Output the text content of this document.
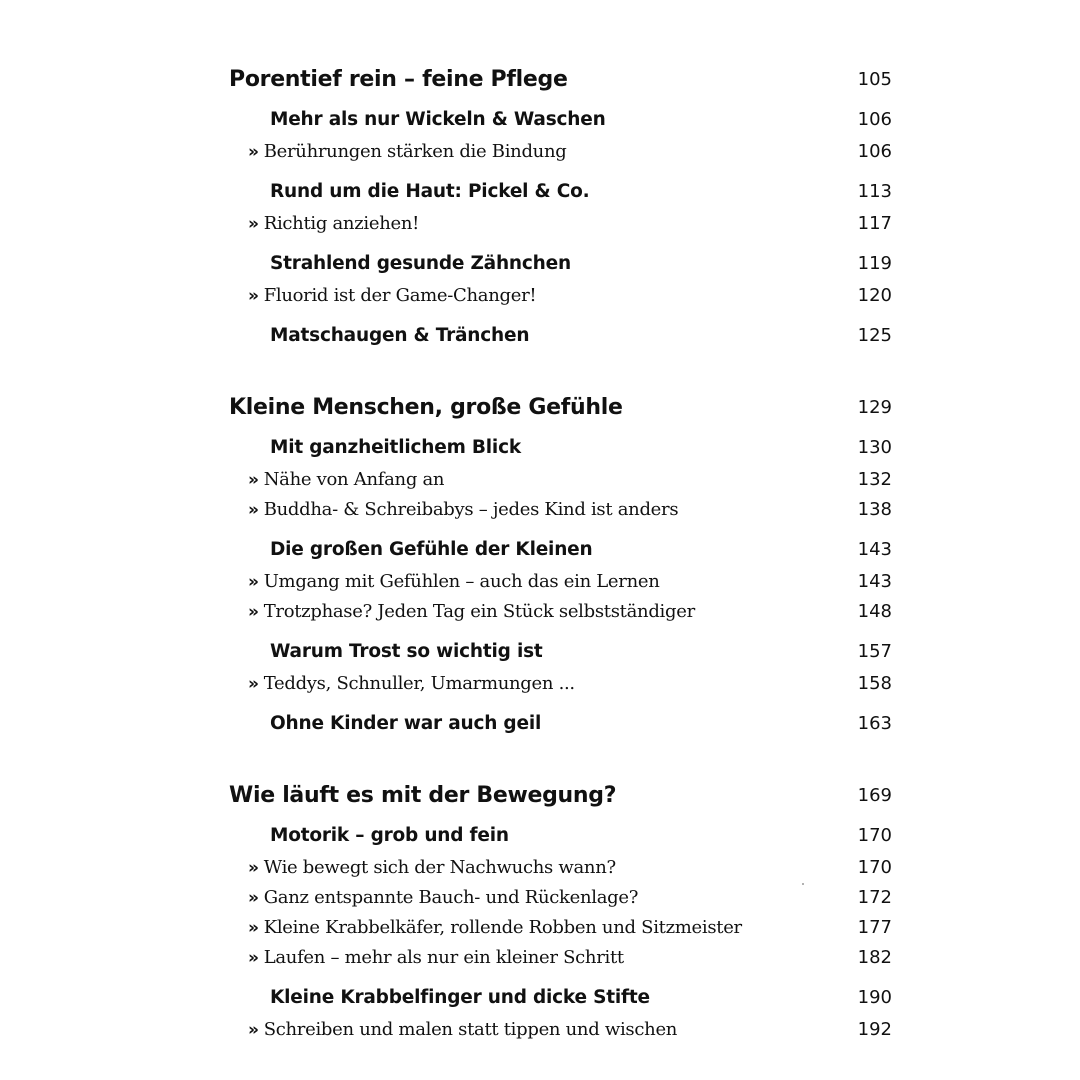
Porentief rein – feine Pflege	105
Mehr als nur Wickeln & Waschen	106
» Berührungen stärken die Bindung	106
Rund um die Haut: Pickel & Co.	113
» Richtig anziehen!	117
Strahlend gesunde Zähnchen	119
» Fluorid ist der Game-Changer!	120
Matschaugen & Tränchen	125
Kleine Menschen, große Gefühle	129
Mit ganzheitlichem Blick	130
» Nähe von Anfang an	132
» Buddha- & Schreibabys – jedes Kind ist anders	138
Die großen Gefühle der Kleinen	143
» Umgang mit Gefühlen – auch das ein Lernen	143
» Trotzphase? Jeden Tag ein Stück selbstständiger	148
Warum Trost so wichtig ist	157
» Teddys, Schnuller, Umarmungen ...	158
Ohne Kinder war auch geil	163
Wie läuft es mit der Bewegung?	169
Motorik – grob und fein	170
» Wie bewegt sich der Nachwuchs wann?	170
» Ganz entspannte Bauch- und Rückenlage?	172
» Kleine Krabbelkäfer, rollende Robben und Sitzmeister	177
» Laufen – mehr als nur ein kleiner Schritt	182
Kleine Krabbelfinger und dicke Stifte	190
» Schreiben und malen statt tippen und wischen	192
